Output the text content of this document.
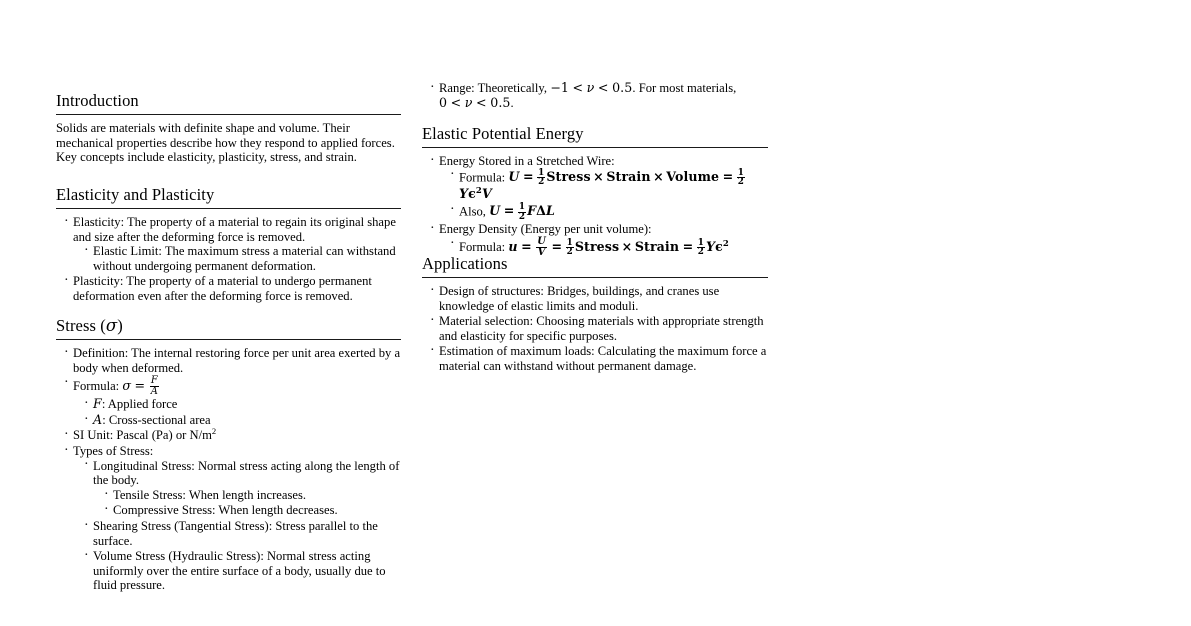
Introduction

Solids are materials with definite shape and volume. Their mechanical properties describe how they respond to applied forces. Key concepts include elasticity, plasticity, stress, and strain.

Elasticity and Plasticity
· Elasticity: The property of a material to regain its original shape and size after the deforming force is removed.
· Elastic Limit: The maximum stress a material can withstand without undergoing permanent deformation.
· Plasticity: The property of a material to undergo permanent deformation even after the deforming force is removed.
Stress (σ)
· Definition: The internal restoring force per unit area exerted by a body when deformed.
· Formula: $\sigma = \frac{F}{A}$
· F: Applied force
· A: Cross-sectional area
· SI Unit: Pascal (Pa) or $N/m^2$
· Types of Stress:
· Longitudinal Stress: Normal stress acting along the length of the body.
· Tensile Stress: When length increases.
· Compressive Stress: When length decreases.
· Shearing Stress (Tangential Stress): Stress parallel to the surface.
· Volume Stress (Hydraulic Stress): Normal stress acting uniformly over the entire surface of a body, usually due to fluid pressure.
· Range: Theoretically, −1 < ν < 0.5. For most materials,
0 < ν < 0.5.
Elastic Potential Energy
· Energy Stored in a Stretched Wire:
· Formula: $U = \frac{1}{2}$ Stress × Strain × Volume = $\frac{1}{2}$
$Y\epsilon^2V$
· Also, $U = \frac{1}{2}$ FΔL
· Energy Density (Energy per unit volume):
· Formula: $u = \frac{U}{V} = \frac{1}{2}$ Stress × Strain = $\frac{1}{2} Y\epsilon^2$
Applications
· Design of structures: Bridges, buildings, and cranes use knowledge of elastic limits and moduli.
· Material selection: Choosing materials with appropriate strength and elasticity for specific purposes.
· Estimation of maximum loads: Calculating the maximum force a material can withstand without permanent damage.
